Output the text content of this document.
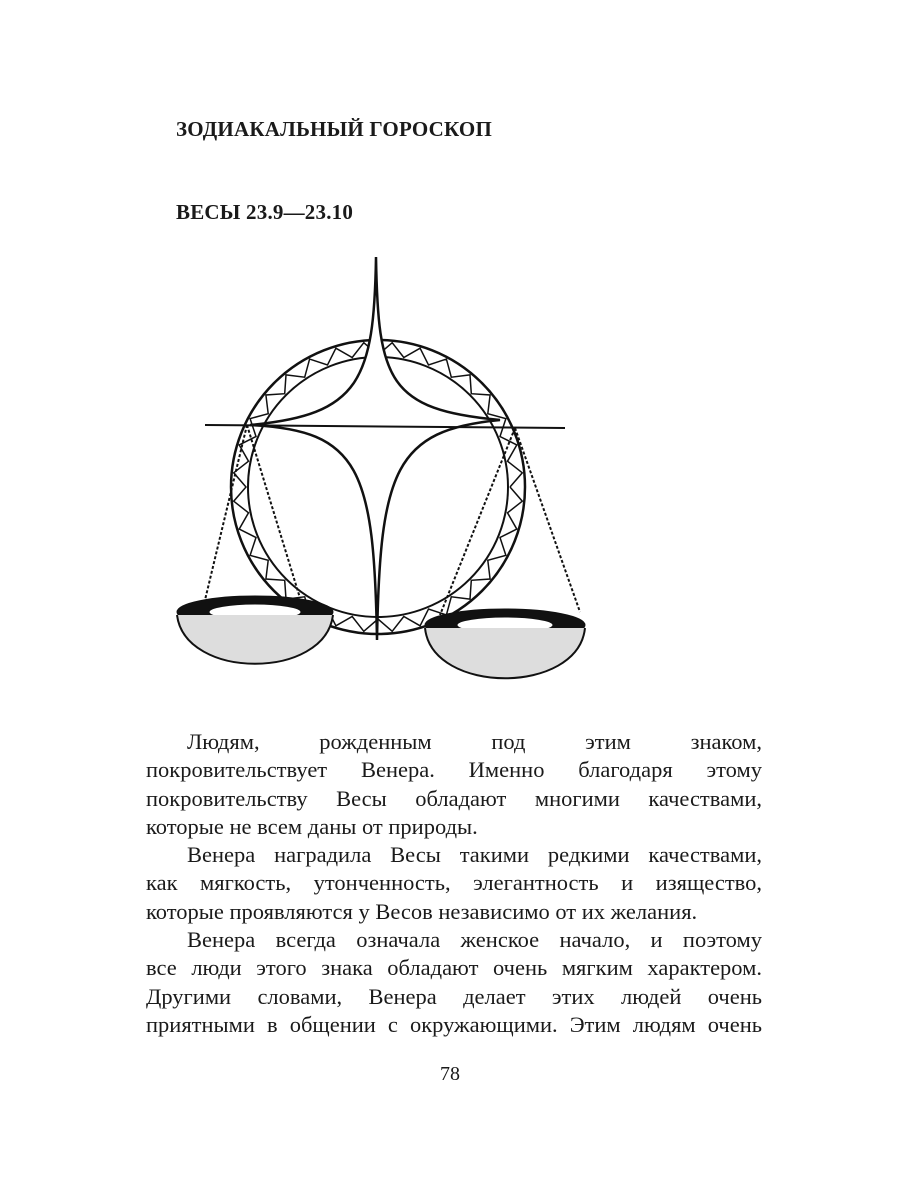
ЗОДИАКАЛЬНЫЙ ГОРОСКОП
ВЕСЫ 23.9—23.10
Людям, рожденным под этим знаком,
покровительствует Венера. Именно благодаря этому
покровительству Весы обладают многими качествами,
которые не всем даны от природы.
Венера наградила Весы такими редкими качествами,
как мягкость, утонченность, элегантность и изящество,
которые проявляются у Весов независимо от их желания.
Венера всегда означала женское начало, и поэтому
все люди этого знака обладают очень мягким характером.
Другими словами, Венера делает этих людей очень
приятными в общении с окружающими. Этим людям очень
78
